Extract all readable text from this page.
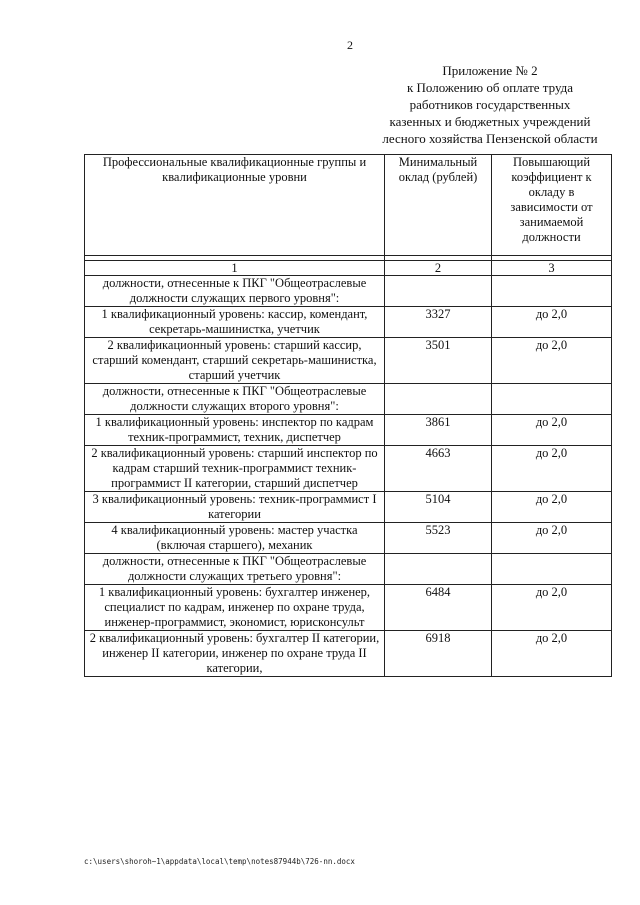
2
Приложение № 2
к Положению об оплате труда
работников государственных
казенных и бюджетных учреждений
лесного хозяйства Пензенской области
Профессиональные квалификационные группы и квалификационные уровни	Минимальный оклад (рублей)	Повышающий коэффициент к окладу в зависимости от занимаемой должности

1	2	3
должности, отнесенные к ПКГ "Общеотраслевые должности служащих первого уровня":		
1 квалификационный уровень: кассир, комендант, секретарь-машинистка, учетчик	3327	до 2,0
2 квалификационный уровень: старший кассир, старший комендант, старший секретарь-машинистка, старший учетчик	3501	до 2,0
должности, отнесенные к ПКГ "Общеотраслевые должности служащих второго уровня":		
1 квалификационный уровень: инспектор по кадрам техник-программист, техник, диспетчер	3861	до 2,0
2 квалификационный уровень: старший инспектор по кадрам старший техник-программист техник-программист II категории, старший диспетчер	4663	до 2,0
3 квалификационный уровень: техник-программист I категории	5104	до 2,0
4 квалификационный уровень: мастер участка (включая старшего), механик	5523	до 2,0
должности, отнесенные к ПКГ "Общеотраслевые должности служащих третьего уровня":		
1 квалификационный уровень: бухгалтер инженер, специалист по кадрам, инженер по охране труда, инженер-программист, экономист, юрисконсульт	6484	до 2,0
2 квалификационный уровень: бухгалтер II категории, инженер II категории, инженер по охране труда II категории,	6918	до 2,0
c:\users\shoroh~1\appdata\local\temp\notes87944b\726-nn.docx
